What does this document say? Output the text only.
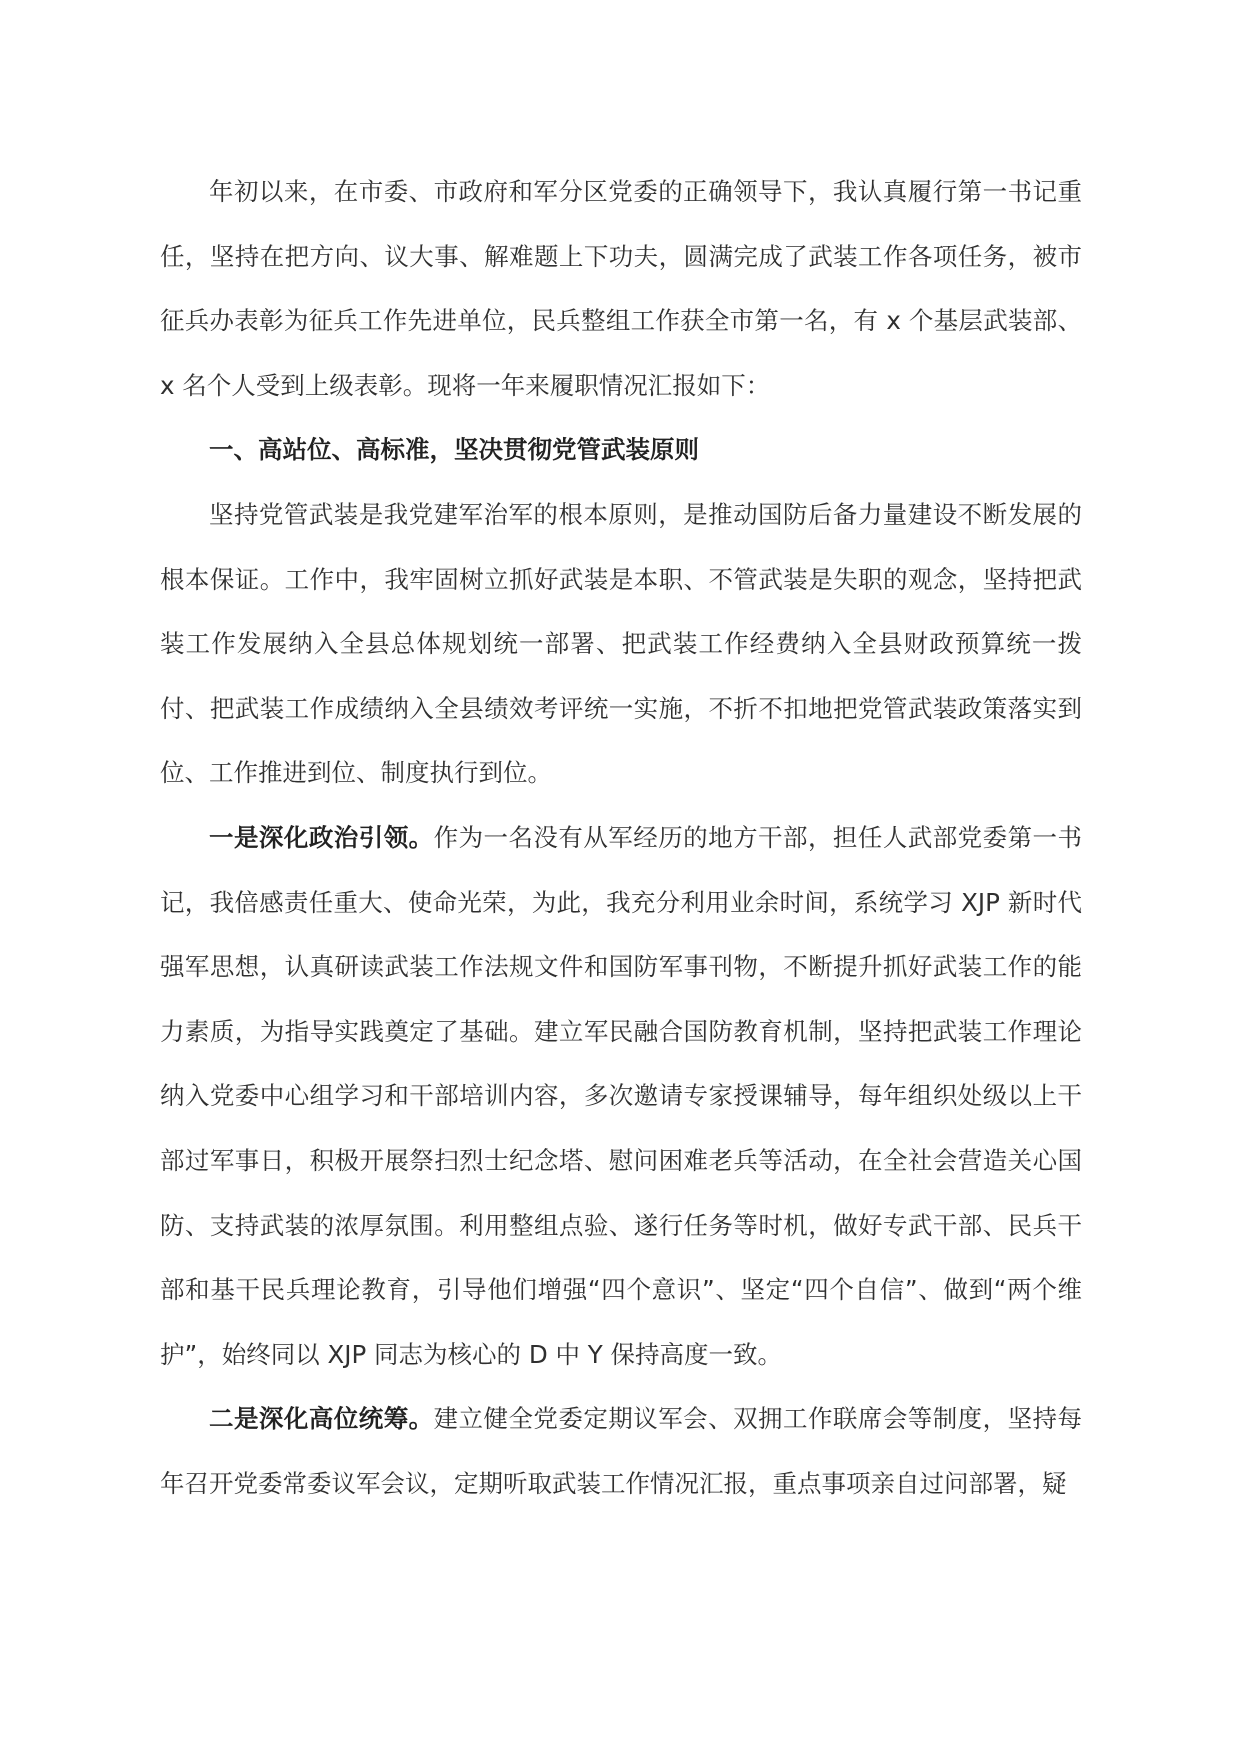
年初以来，在市委、市政府和军分区党委的正确领导下，我认真履行第一书记重任，坚持在把方向、议大事、解难题上下功夫，圆满完成了武装工作各项任务，被市征兵办表彰为征兵工作先进单位，民兵整组工作获全市第一名，有 x 个基层武装部、x 名个人受到上级表彰。现将一年来履职情况汇报如下：

一、高站位、高标准，坚决贯彻党管武装原则

坚持党管武装是我党建军治军的根本原则，是推动国防后备力量建设不断发展的根本保证。工作中，我牢固树立抓好武装是本职、不管武装是失职的观念，坚持把武装工作发展纳入全县总体规划统一部署、把武装工作经费纳入全县财政预算统一拨付、把武装工作成绩纳入全县绩效考评统一实施，不折不扣地把党管武装政策落实到位、工作推进到位、制度执行到位。

一是深化政治引领。作为一名没有从军经历的地方干部，担任人武部党委第一书记，我倍感责任重大、使命光荣，为此，我充分利用业余时间，系统学习 XJP 新时代强军思想，认真研读武装工作法规文件和国防军事刊物，不断提升抓好武装工作的能力素质，为指导实践奠定了基础。建立军民融合国防教育机制，坚持把武装工作理论纳入党委中心组学习和干部培训内容，多次邀请专家授课辅导，每年组织处级以上干部过军事日，积极开展祭扫烈士纪念塔、慰问困难老兵等活动，在全社会营造关心国防、支持武装的浓厚氛围。利用整组点验、遂行任务等时机，做好专武干部、民兵干部和基干民兵理论教育，引导他们增强“四个意识”、坚定“四个自信”、做到“两个维护”，始终同以 XJP 同志为核心的 D 中 Y 保持高度一致。

二是深化高位统筹。建立健全党委定期议军会、双拥工作联席会等制度，坚持每年召开党委常委议军会议，定期听取武装工作情况汇报，重点事项亲自过问部署，疑
